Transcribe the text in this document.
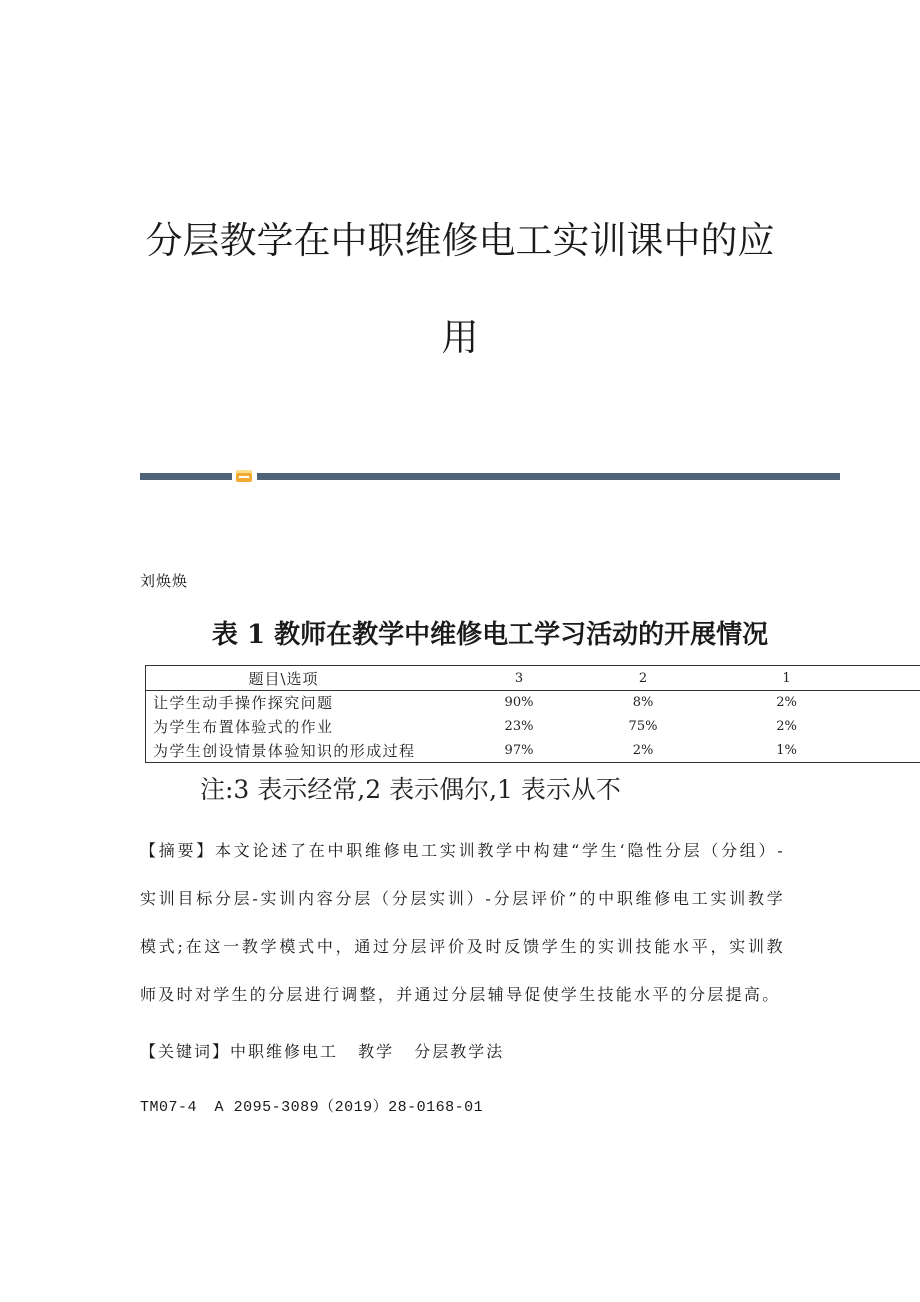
分层教学在中职维修电工实训课中的应用
刘焕焕
表 1 教师在教学中维修电工学习活动的开展情况
题目\选项	3	2	1
让学生动手操作探究问题	90%	8%	2%
为学生布置体验式的作业	23%	75%	2%
为学生创设情景体验知识的形成过程	97%	2%	1%
注:3 表示经常,2 表示偶尔,1 表示从不

【摘要】本文论述了在中职维修电工实训教学中构建“学生‘隐性分层（分组）-实训目标分层-实训内容分层（分层实训）-分层评价”的中职维修电工实训教学模式;在这一教学模式中，通过分层评价及时反馈学生的实训技能水平，实训教师及时对学生的分层进行调整，并通过分层辅导促使学生技能水平的分层提高。

【关键词】中职维修电工 教学 分层教学法

TM07-4 A 2095-3089（2019）28-0168-01
